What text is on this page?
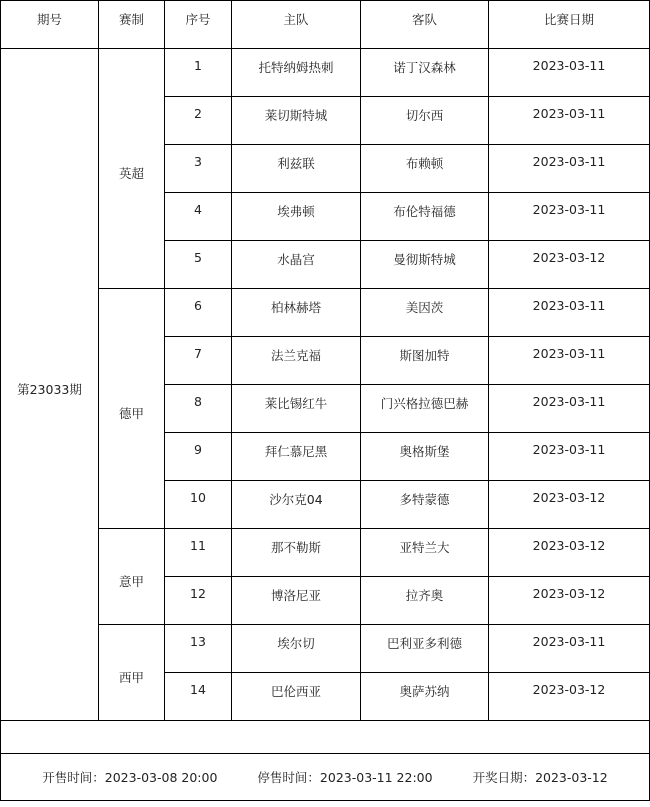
期号	赛制	序号	主队	客队	比赛日期
第23033期	英超	1	托特纳姆热刺	诺丁汉森林	2023-03-11
		2	莱切斯特城	切尔西	2023-03-11
		3	利兹联	布赖顿	2023-03-11
		4	埃弗顿	布伦特福德	2023-03-11
		5	水晶宫	曼彻斯特城	2023-03-12
	德甲	6	柏林赫塔	美因茨	2023-03-11
		7	法兰克福	斯图加特	2023-03-11
		8	莱比锡红牛	门兴格拉德巴赫	2023-03-11
		9	拜仁慕尼黑	奥格斯堡	2023-03-11
		10	沙尔克04	多特蒙德	2023-03-12
	意甲	11	那不勒斯	亚特兰大	2023-03-12
		12	博洛尼亚	拉齐奥	2023-03-12
	西甲	13	埃尔切	巴利亚多利德	2023-03-11
		14	巴伦西亚	奥萨苏纳	2023-03-12

开售时间：2023-03-08 20:00 停售时间：2023-03-11 22:00 开奖日期：2023-03-12					
